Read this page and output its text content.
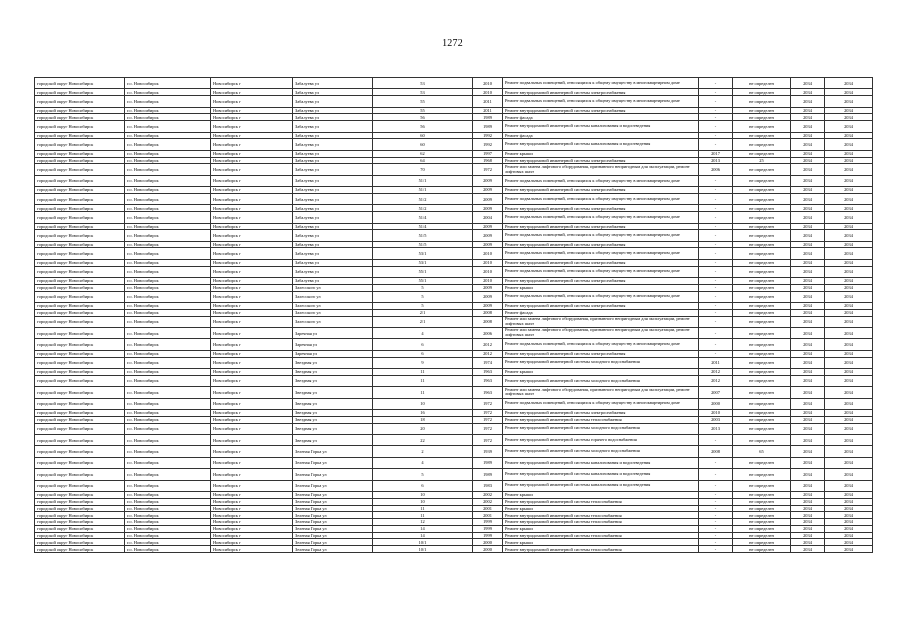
1272
городской округ Новосибирск	г.о. Новосибирск	Новосибирск г	Забалуева ул	53	2010	Ремонт подвальных помещений, относящихся к общему имуществу в многоквартирном доме	-	не определен	2034	2034
городской округ Новосибирск	г.о. Новосибирск	Новосибирск г	Забалуева ул	53	2010	Ремонт внутридомовой инженерной системы электроснабжения	-	не определен	2034	2034
городской округ Новосибирск	г.о. Новосибирск	Новосибирск г	Забалуева ул	55	2011	Ремонт подвальных помещений, относящихся к общему имуществу в многоквартирном доме	-	не определен	2034	2034
городской округ Новосибирск	г.о. Новосибирск	Новосибирск г	Забалуева ул	55	2011	Ремонт внутридомовой инженерной системы электроснабжения	-	не определен	2034	2034
городской округ Новосибирск	г.о. Новосибирск	Новосибирск г	Забалуева ул	56	1989	Ремонт фасада	-	не определен	2034	2034
городской округ Новосибирск	г.о. Новосибирск	Новосибирск г	Забалуева ул	56	1989	Ремонт внутридомовой инженерной системы канализования и водоотведения	-	не определен	2034	2034
городской округ Новосибирск	г.о. Новосибирск	Новосибирск г	Забалуева ул	60	1992	Ремонт фасада	-	не определен	2034	2034
городской округ Новосибирск	г.о. Новосибирск	Новосибирск г	Забалуева ул	60	1992	Ремонт внутридомовой инженерной системы канализования и водоотведения	-	не определен	2034	2034
городской округ Новосибирск	г.о. Новосибирск	Новосибирск г	Забалуева ул	62	1997	Ремонт крыши	2017	не определен	2034	2034
городской округ Новосибирск	г.о. Новосибирск	Новосибирск г	Забалуева ул	64	1968	Ремонт внутридомовой инженерной системы электроснабжения	2013	25	2034	2034
городской округ Новосибирск	г.о. Новосибирск	Новосибирск г	Забалуева ул	70	1972	Ремонт или замена лифтового оборудования, признанного непригодным для эксплуатации, ремонт лифтовых шахт	2006	не определен	2034	2034
городской округ Новосибирск	г.о. Новосибирск	Новосибирск г	Забалуева ул	51/1	2009	Ремонт подвальных помещений, относящихся к общему имуществу в многоквартирном доме	-	не определен	2034	2034
городской округ Новосибирск	г.о. Новосибирск	Новосибирск г	Забалуева ул	51/1	2009	Ремонт внутридомовой инженерной системы электроснабжения	-	не определен	2034	2034
городской округ Новосибирск	г.о. Новосибирск	Новосибирск г	Забалуева ул	51/2	2009	Ремонт подвальных помещений, относящихся к общему имуществу в многоквартирном доме	-	не определен	2034	2034
городской округ Новосибирск	г.о. Новосибирск	Новосибирск г	Забалуева ул	51/2	2009	Ремонт внутридомовой инженерной системы электроснабжения	-	не определен	2034	2034
городской округ Новосибирск	г.о. Новосибирск	Новосибирск г	Забалуева ул	51/4	2004	Ремонт подвальных помещений, относящихся к общему имуществу в многоквартирном доме	-	не определен	2034	2034
городской округ Новосибирск	г.о. Новосибирск	Новосибирск г	Забалуева ул	51/4	2009	Ремонт внутридомовой инженерной системы электроснабжения	-	не определен	2034	2034
городской округ Новосибирск	г.о. Новосибирск	Новосибирск г	Забалуева ул	51/5	2009	Ремонт подвальных помещений, относящихся к общему имуществу в многоквартирном доме	-	не определен	2034	2034
городской округ Новосибирск	г.о. Новосибирск	Новосибирск г	Забалуева ул	51/5	2009	Ремонт внутридомовой инженерной системы электроснабжения	-	не определен	2034	2034
городской округ Новосибирск	г.о. Новосибирск	Новосибирск г	Забалуева ул	53/1	2010	Ремонт подвальных помещений, относящихся к общему имуществу в многоквартирном доме	-	не определен	2034	2034
городской округ Новосибирск	г.о. Новосибирск	Новосибирск г	Забалуева ул	53/1	2010	Ремонт внутридомовой инженерной системы электроснабжения	-	не определен	2034	2034
городской округ Новосибирск	г.о. Новосибирск	Новосибирск г	Забалуева ул	55/1	2010	Ремонт подвальных помещений, относящихся к общему имуществу в многоквартирном доме	-	не определен	2034	2034
городской округ Новосибирск	г.о. Новосибирск	Новосибирск г	Забалуева ул	55/1	2010	Ремонт внутридомовой инженерной системы электроснабжения	-	не определен	2034	2034
городской округ Новосибирск	г.о. Новосибирск	Новосибирск г	Залесского ул	5	2009	Ремонт крыши	-	не определен	2034	2034
городской округ Новосибирск	г.о. Новосибирск	Новосибирск г	Залесского ул	5	2009	Ремонт подвальных помещений, относящихся к общему имуществу в многоквартирном доме	-	не определен	2034	2034
городской округ Новосибирск	г.о. Новосибирск	Новосибирск г	Залесского ул	5	2009	Ремонт внутридомовой инженерной системы электроснабжения	-	не определен	2034	2034
городской округ Новосибирск	г.о. Новосибирск	Новосибирск г	Залесского ул	2/1	2008	Ремонт фасада	-	не определен	2034	2034
городской округ Новосибирск	г.о. Новосибирск	Новосибирск г	Залесского ул	2/1	2008	Ремонт или замена лифтового оборудования, признанного непригодным для эксплуатации, ремонт лифтовых шахт	-	не определен	2034	2034
городской округ Новосибирск	г.о. Новосибирск	Новосибирск г	Заречная ул	4	2006	Ремонт или замена лифтового оборудования, признанного непригодным для эксплуатации, ремонт лифтовых шахт	-	не определен	2034	2034
городской округ Новосибирск	г.о. Новосибирск	Новосибирск г	Заречная ул	6	2012	Ремонт подвальных помещений, относящихся к общему имуществу в многоквартирном доме	-	не определен	2034	2034
городской округ Новосибирск	г.о. Новосибирск	Новосибирск г	Заречная ул	6	2012	Ремонт внутридомовой инженерной системы электроснабжения	-	не определен	2034	2034
городской округ Новосибирск	г.о. Новосибирск	Новосибирск г	Звездная ул	9	1974	Ремонт внутридомовой инженерной системы холодного водоснабжения	2011	не определен	2034	2034
городской округ Новосибирск	г.о. Новосибирск	Новосибирск г	Звездная ул	11	1963	Ремонт крыши	2012	не определен	2034	2034
городской округ Новосибирск	г.о. Новосибирск	Новосибирск г	Звездная ул	11	1963	Ремонт внутридомовой инженерной системы холодного водоснабжения	2012	не определен	2034	2034
городской округ Новосибирск	г.о. Новосибирск	Новосибирск г	Звездная ул	11	1963	Ремонт или замена лифтового оборудования, признанного непригодным для эксплуатации, ремонт лифтовых шахт	2007	не определен	2034	2034
городской округ Новосибирск	г.о. Новосибирск	Новосибирск г	Звездная ул	10	1972	Ремонт подвальных помещений, относящихся к общему имуществу в многоквартирном доме	2000	не определен	2034	2034
городской округ Новосибирск	г.о. Новосибирск	Новосибирск г	Звездная ул	16	1972	Ремонт внутридомовой инженерной системы электроснабжения	2010	не определен	2034	2034
городской округ Новосибирск	г.о. Новосибирск	Новосибирск г	Звездная ул	18	1972	Ремонт внутридомовой инженерной системы теплоснабжения	2003	не определен	2034	2034
городской округ Новосибирск	г.о. Новосибирск	Новосибирск г	Звездная ул	20	1972	Ремонт внутридомовой инженерной системы холодного водоснабжения	2013	не определен	2034	2034
городской округ Новосибирск	г.о. Новосибирск	Новосибирск г	Звездная ул	22	1972	Ремонт внутридомовой инженерной системы горячего водоснабжения	-	не определен	2034	2034
городской округ Новосибирск	г.о. Новосибирск	Новосибирск г	Зеленая Горка ул	2	1939	Ремонт внутридомовой инженерной системы холодного водоснабжения	2008	65	2034	2034
городской округ Новосибирск	г.о. Новосибирск	Новосибирск г	Зеленая Горка ул	4	1989	Ремонт внутридомовой инженерной системы канализования и водоотведения	-	не определен	2034	2034
городской округ Новосибирск	г.о. Новосибирск	Новосибирск г	Зеленая Горка ул	5	1989	Ремонт внутридомовой инженерной системы канализования и водоотведения	-	не определен	2034	2034
городской округ Новосибирск	г.о. Новосибирск	Новосибирск г	Зеленая Горка ул	6	1983	Ремонт внутридомовой инженерной системы канализования и водоотведения	-	не определен	2034	2034
городской округ Новосибирск	г.о. Новосибирск	Новосибирск г	Зеленая Горка ул	10	2002	Ремонт крыши	-	не определен	2034	2034
городской округ Новосибирск	г.о. Новосибирск	Новосибирск г	Зеленая Горка ул	10	2002	Ремонт внутридомовой инженерной системы теплоснабжения	-	не определен	2034	2034
городской округ Новосибирск	г.о. Новосибирск	Новосибирск г	Зеленая Горка ул	11	2001	Ремонт крыши	-	не определен	2034	2034
городской округ Новосибирск	г.о. Новосибирск	Новосибирск г	Зеленая Горка ул	11	2001	Ремонт внутридомовой инженерной системы теплоснабжения	-	не определен	2034	2034
городской округ Новосибирск	г.о. Новосибирск	Новосибирск г	Зеленая Горка ул	12	1999	Ремонт внутридомовой инженерной системы теплоснабжения	-	не определен	2034	2034
городской округ Новосибирск	г.о. Новосибирск	Новосибирск г	Зеленая Горка ул	14	1999	Ремонт крыши	-	не определен	2034	2034
городской округ Новосибирск	г.о. Новосибирск	Новосибирск г	Зеленая Горка ул	14	1999	Ремонт внутридомовой инженерной системы теплоснабжения	-	не определен	2034	2034
городской округ Новосибирск	г.о. Новосибирск	Новосибирск г	Зеленая Горка ул	10/1	2000	Ремонт крыши	-	не определен	2034	2034
городской округ Новосибирск	г.о. Новосибирск	Новосибирск г	Зеленая Горка ул	10/1	2000	Ремонт внутридомовой инженерной системы теплоснабжения	-	не определен	2034	2034
